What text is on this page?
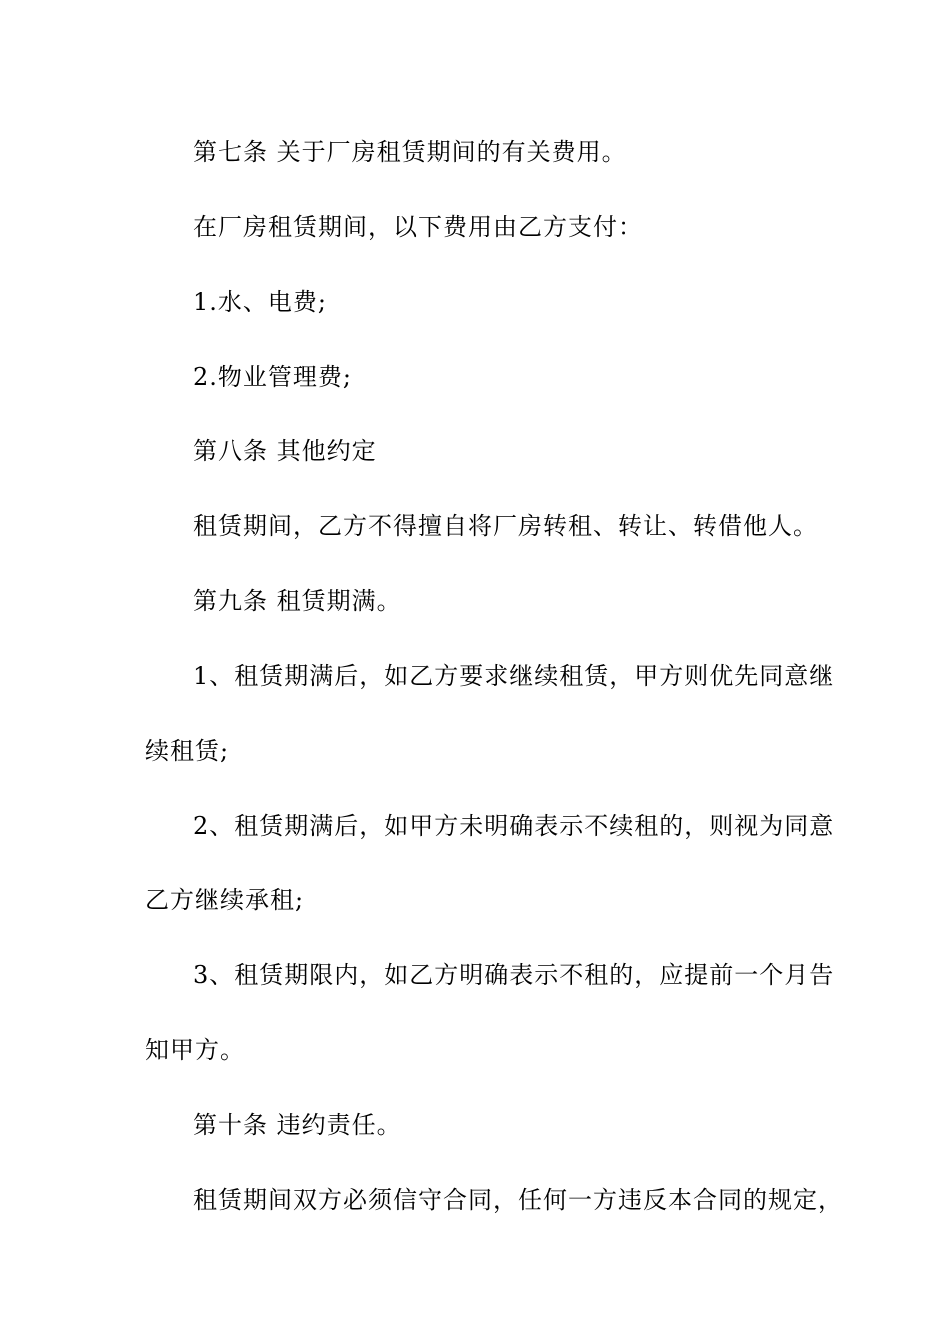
第七条 关于厂房租赁期间的有关费用。
在厂房租赁期间，以下费用由乙方支付：
1.水、电费;
2.物业管理费;
第八条 其他约定
租赁期间，乙方不得擅自将厂房转租、转让、转借他人。
第九条 租赁期满。
1、租赁期满后，如乙方要求继续租赁，甲方则优先同意继
续租赁;
2、租赁期满后，如甲方未明确表示不续租的，则视为同意
乙方继续承租;
3、租赁期限内，如乙方明确表示不租的，应提前一个月告
知甲方。
第十条 违约责任。
租赁期间双方必须信守合同，任何一方违反本合同的规定，
